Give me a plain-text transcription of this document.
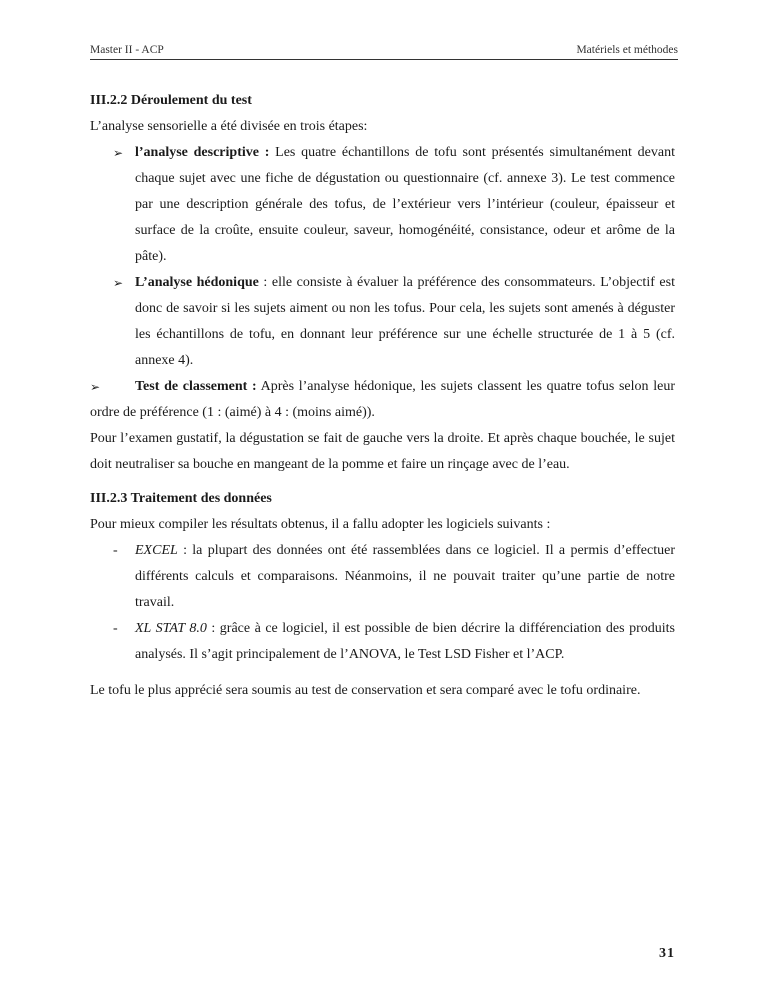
Master II - ACP	Matériels et méthodes

III.2.2 Déroulement du test

L’analyse sensorielle a été divisée en trois étapes:

➢ l’analyse descriptive : Les quatre échantillons de tofu sont présentés simultanément devant chaque sujet avec une fiche de dégustation ou questionnaire (cf. annexe 3). Le test commence par une description générale des tofus, de l’extérieur vers l’intérieur (couleur, épaisseur et surface de la croûte, ensuite couleur, saveur, homogénéité, consistance, odeur et arôme de la pâte).
➢ L’analyse hédonique : elle consiste à évaluer la préférence des consommateurs. L’objectif est donc de savoir si les sujets aiment ou non les tofus. Pour cela, les sujets sont amenés à déguster les échantillons de tofu, en donnant leur préférence sur une échelle structurée de 1 à 5 (cf. annexe 4).
➢ Test de classement : Après l’analyse hédonique, les sujets classent les quatre tofus selon leur ordre de préférence (1 : (aimé) à 4 : (moins aimé)).

Pour l’examen gustatif, la dégustation se fait de gauche vers la droite. Et après chaque bouchée, le sujet doit neutraliser sa bouche en mangeant de la pomme et faire un rinçage avec de l’eau.

III.2.3 Traitement des données

Pour mieux compiler les résultats obtenus, il a fallu adopter les logiciels suivants :

- EXCEL : la plupart des données ont été rassemblées dans ce logiciel. Il a permis d’effectuer différents calculs et comparaisons. Néanmoins, il ne pouvait traiter qu’une partie de notre travail.
- XL STAT 8.0 : grâce à ce logiciel, il est possible de bien décrire la différenciation des produits analysés. Il s’agit principalement de l’ANOVA, le Test LSD Fisher et l’ACP.

Le tofu le plus apprécié sera soumis au test de conservation et sera comparé avec le tofu ordinaire.

31
